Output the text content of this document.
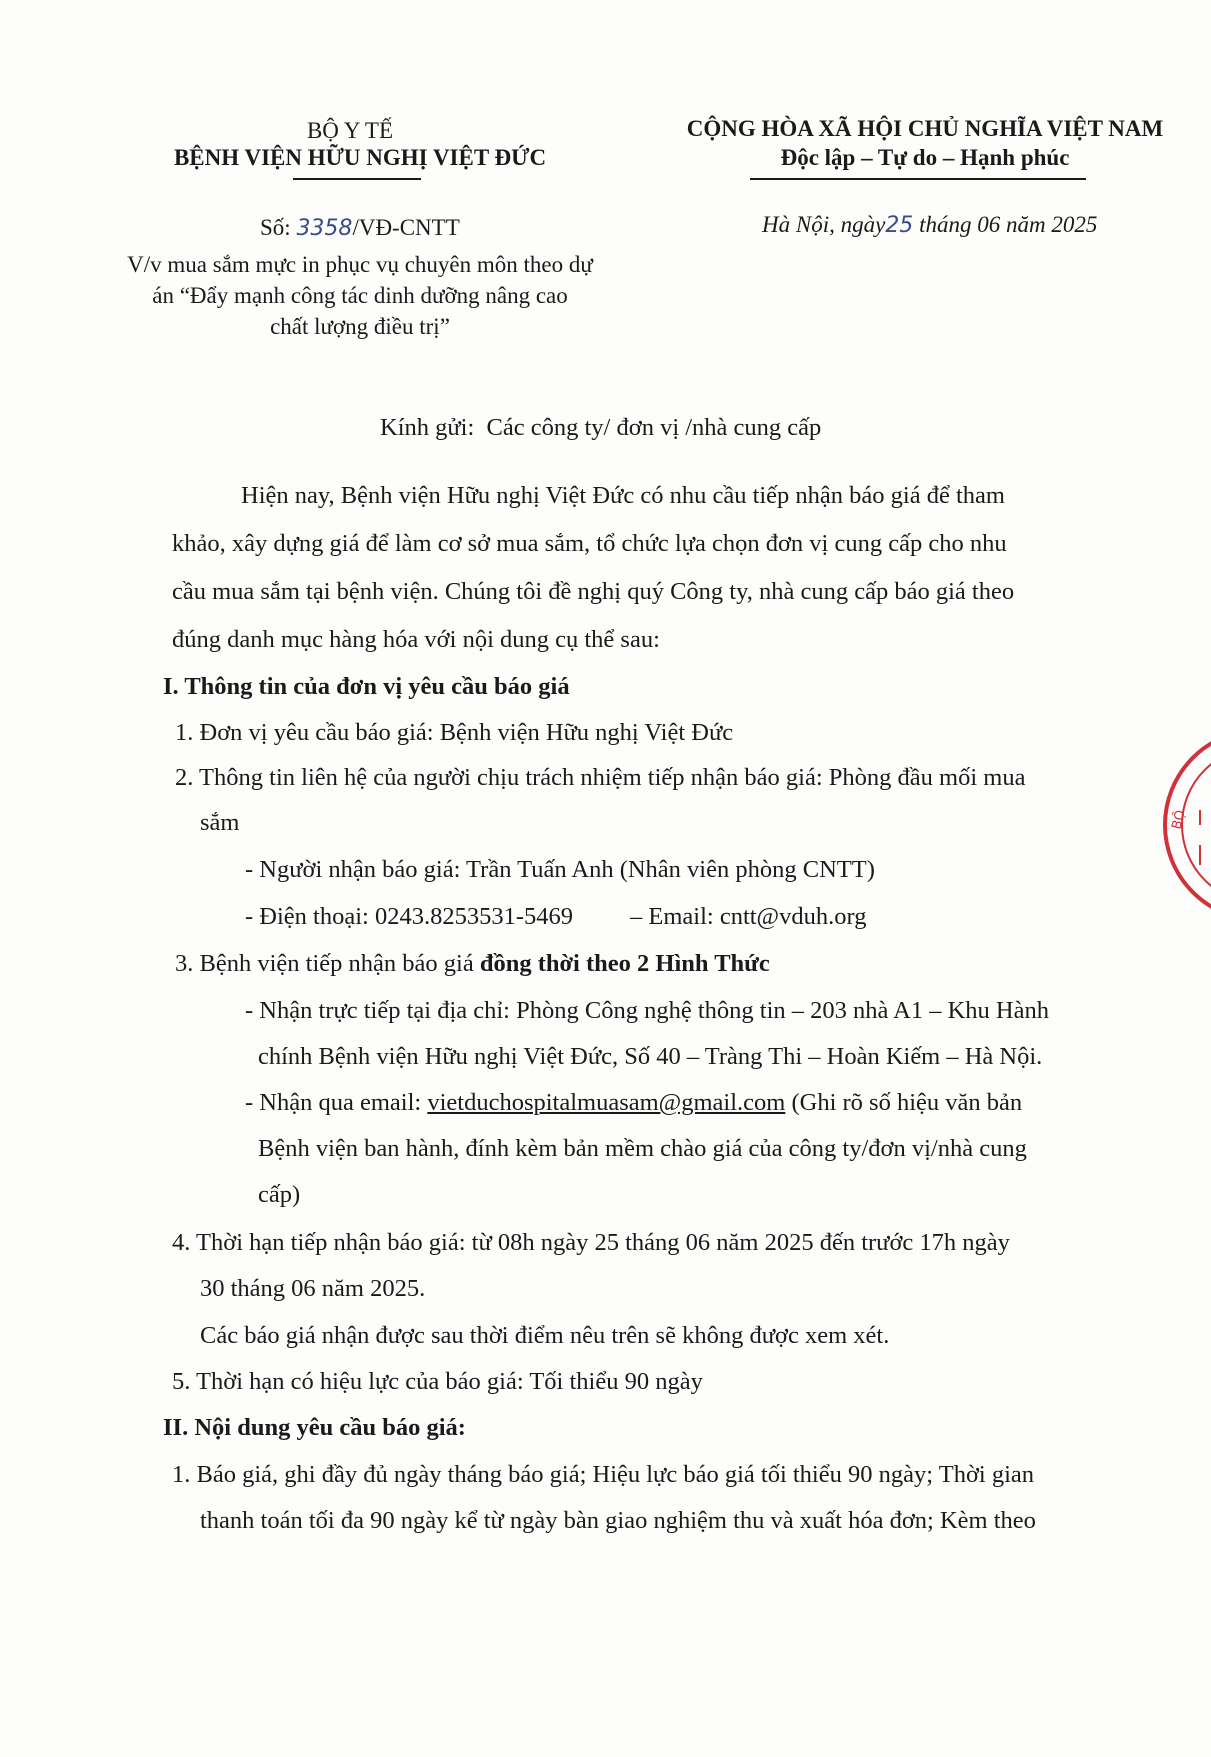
BỘ Y TẾ
BỆNH VIỆN HỮU NGHỊ VIỆT ĐỨC
Số: 3358/VĐ-CNTT
V/v mua sắm mực in phục vụ chuyên môn theo dự
án “Đẩy mạnh công tác dinh dưỡng nâng cao
chất lượng điều trị”
CỘNG HÒA XÃ HỘI CHỦ NGHĨA VIỆT NAM
Độc lập – Tự do – Hạnh phúc
Hà Nội, ngày25 tháng 06 năm 2025
Kính gửi: Các công ty/ đơn vị /nhà cung cấp
Hiện nay, Bệnh viện Hữu nghị Việt Đức có nhu cầu tiếp nhận báo giá để tham
khảo, xây dựng giá để làm cơ sở mua sắm, tổ chức lựa chọn đơn vị cung cấp cho nhu
cầu mua sắm tại bệnh viện. Chúng tôi đề nghị quý Công ty, nhà cung cấp báo giá theo
đúng danh mục hàng hóa với nội dung cụ thể sau:
I. Thông tin của đơn vị yêu cầu báo giá
1. Đơn vị yêu cầu báo giá: Bệnh viện Hữu nghị Việt Đức
2. Thông tin liên hệ của người chịu trách nhiệm tiếp nhận báo giá: Phòng đầu mối mua
sắm
- Người nhận báo giá: Trần Tuấn Anh (Nhân viên phòng CNTT)
- Điện thoại: 0243.8253531-5469 – Email: cntt@vduh.org
3. Bệnh viện tiếp nhận báo giá đồng thời theo 2 Hình Thức
- Nhận trực tiếp tại địa chỉ: Phòng Công nghệ thông tin – 203 nhà A1 – Khu Hành
chính Bệnh viện Hữu nghị Việt Đức, Số 40 – Tràng Thi – Hoàn Kiếm – Hà Nội.
- Nhận qua email: vietduchospitalmuasam@gmail.com (Ghi rõ số hiệu văn bản
Bệnh viện ban hành, đính kèm bản mềm chào giá của công ty/đơn vị/nhà cung
cấp)
4. Thời hạn tiếp nhận báo giá: từ 08h ngày 25 tháng 06 năm 2025 đến trước 17h ngày
30 tháng 06 năm 2025.
Các báo giá nhận được sau thời điểm nêu trên sẽ không được xem xét.
5. Thời hạn có hiệu lực của báo giá: Tối thiểu 90 ngày
II. Nội dung yêu cầu báo giá:
1. Báo giá, ghi đầy đủ ngày tháng báo giá; Hiệu lực báo giá tối thiểu 90 ngày; Thời gian
thanh toán tối đa 90 ngày kể từ ngày bàn giao nghiệm thu và xuất hóa đơn; Kèm theo
BỘ
